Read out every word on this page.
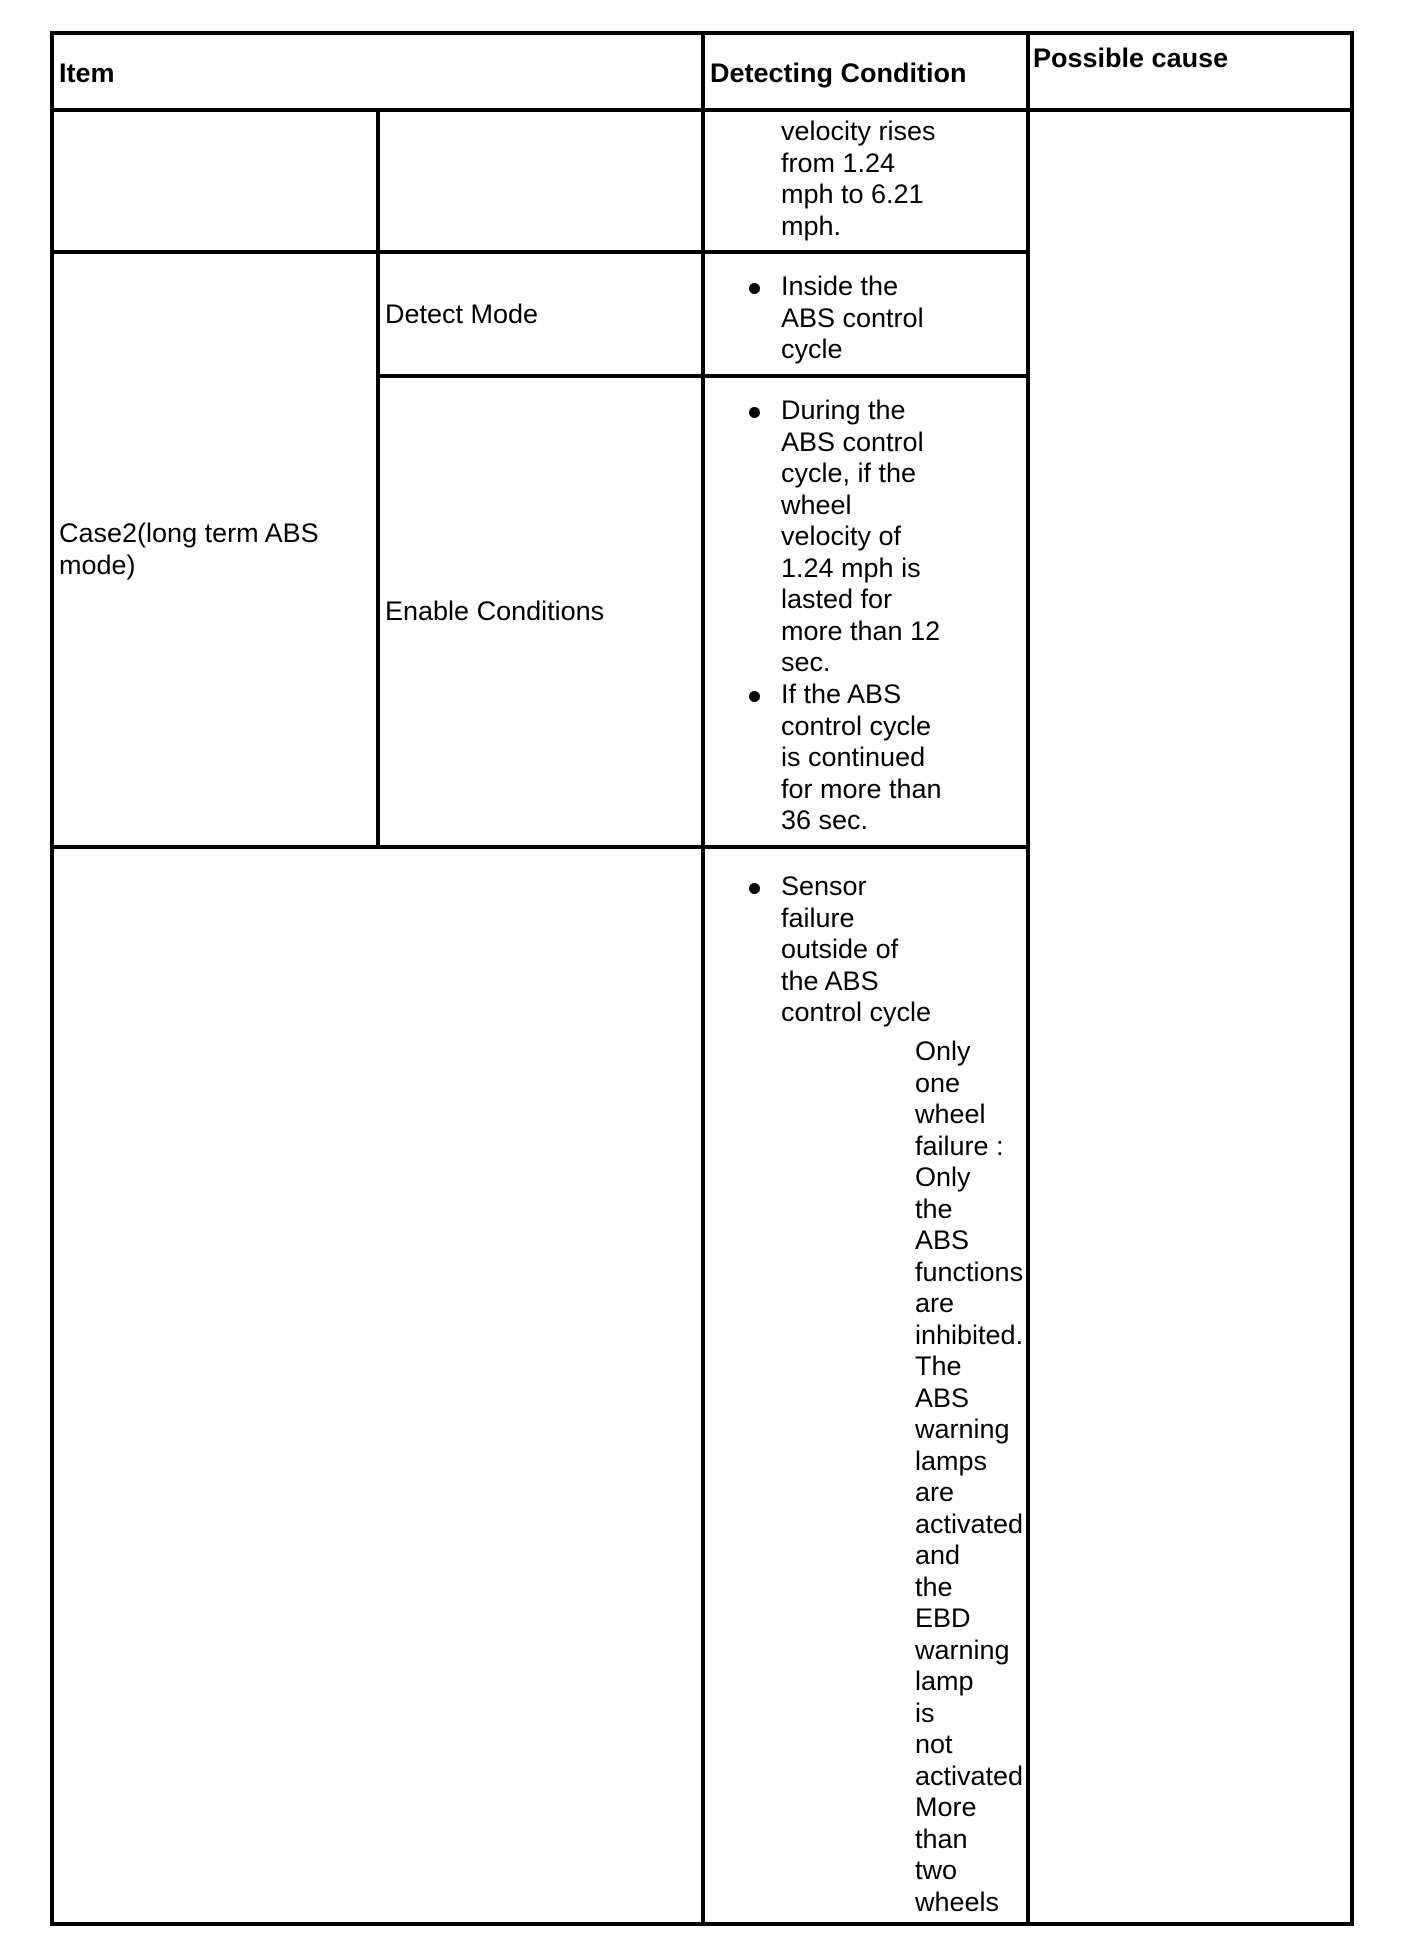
Item	Detecting Condition Possible cause
velocity rises
from 1.24
mph to 6.21
mph.
Case2(long term ABS
mode)
Detect Mode
Inside the
ABS control
cycle
Enable Conditions
During the
ABS control
cycle, if the
wheel
velocity of
1.24 mph is
lasted for
more than 12
sec.
If the ABS
control cycle
is continued
for more than
36 sec.
Sensor
failure
outside of
the ABS
control cycle
Only
one
wheel
failure :
Only
the
ABS
functions
are
inhibited.
The
ABS
warning
lamps
are
activated
and
the
EBD
warning
lamp
is
not
activated
More
than
two
wheels
